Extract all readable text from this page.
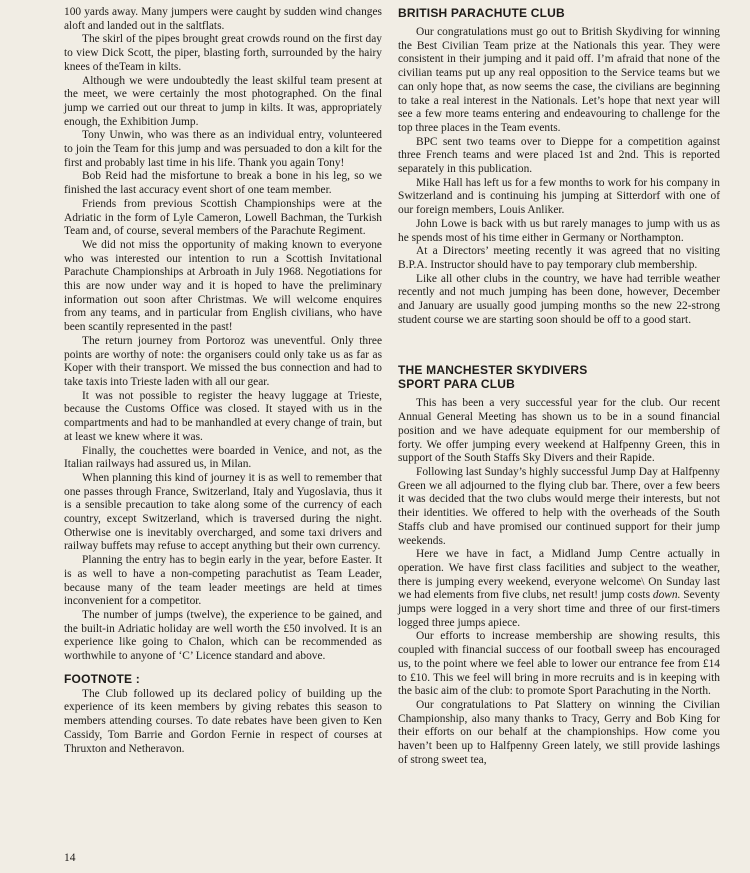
100 yards away. Many jumpers were caught by sudden wind changes aloft and landed out in the saltflats.

The skirl of the pipes brought great crowds round on the first day to view Dick Scott, the piper, blasting forth, surrounded by the hairy knees of theTeam in kilts.

Although we were undoubtedly the least skilful team present at the meet, we were certainly the most photographed. On the final jump we carried out our threat to jump in kilts. It was, appropriately enough, the Exhibition Jump.

Tony Unwin, who was there as an individual entry, volunteered to join the Team for this jump and was persuaded to don a kilt for the first and probably last time in his life. Thank you again Tony!

Bob Reid had the misfortune to break a bone in his leg, so we finished the last accuracy event short of one team member.

Friends from previous Scottish Championships were at the Adriatic in the form of Lyle Cameron, Lowell Bachman, the Turkish Team and, of course, several members of the Parachute Regiment.

We did not miss the opportunity of making known to everyone who was interested our intention to run a Scottish Invitational Parachute Championships at Arbroath in July 1968. Negotiations for this are now under way and it is hoped to have the preliminary information out soon after Christmas. We will welcome enquires from any teams, and in particular from English civilians, who have been scantily represented in the past!

The return journey from Portoroz was uneventful. Only three points are worthy of note: the organisers could only take us as far as Koper with their transport. We missed the bus connection and had to take taxis into Trieste laden with all our gear.

It was not possible to register the heavy luggage at Trieste, because the Customs Office was closed. It stayed with us in the compartments and had to be manhandled at every change of train, but at least we knew where it was.

Finally, the couchettes were boarded in Venice, and not, as the Italian railways had assured us, in Milan.

When planning this kind of journey it is as well to remember that one passes through France, Switzerland, Italy and Yugoslavia, thus it is a sensible precaution to take along some of the currency of each country, except Switzerland, which is traversed during the night. Otherwise one is inevitably overcharged, and some taxi drivers and railway buffets may refuse to accept anything but their own currency.

Planning the entry has to begin early in the year, before Easter. It is as well to have a non-competing parachutist as Team Leader, because many of the team leader meetings are held at times inconvenient for a competitor.

The number of jumps (twelve), the experience to be gained, and the built-in Adriatic holiday are well worth the £50 involved. It is an experience like going to Chalon, which can be recommended as worthwhile to anyone of ‘C’ Licence standard and above.

FOOTNOTE :

The Club followed up its declared policy of building up the experience of its keen members by giving rebates this season to members attending courses. To date rebates have been given to Ken Cassidy, Tom Barrie and Gordon Fernie in respect of courses at Thruxton and Netheravon.

BRITISH PARACHUTE CLUB

Our congratulations must go out to British Skydiving for winning the Best Civilian Team prize at the Nationals this year. They were consistent in their jumping and it paid off. I’m afraid that none of the civilian teams put up any real opposition to the Service teams but we can only hope that, as now seems the case, the civilians are beginning to take a real interest in the Nationals. Let’s hope that next year will see a few more teams entering and endeavouring to challenge for the top three places in the Team events.

BPC sent two teams over to Dieppe for a competition against three French teams and were placed 1st and 2nd. This is reported separately in this publication.

Mike Hall has left us for a few months to work for his company in Switzerland and is continuing his jumping at Sitterdorf with one of our foreign members, Louis Anliker.

John Lowe is back with us but rarely manages to jump with us as he spends most of his time either in Germany or Northampton.

At a Directors’ meeting recently it was agreed that no visiting B.P.A. Instructor should have to pay temporary club membership.

Like all other clubs in the country, we have had terrible weather recently and not much jumping has been done, however, December and January are usually good jumping months so the new 22-strong student course we are starting soon should be off to a good start.

THE MANCHESTER SKYDIVERS
SPORT PARA CLUB

This has been a very successful year for the club. Our recent Annual General Meeting has shown us to be in a sound financial position and we have adequate equipment for our membership of forty. We offer jumping every weekend at Halfpenny Green, this in support of the South Staffs Sky Divers and their Rapide.

Following last Sunday’s highly successful Jump Day at Halfpenny Green we all adjourned to the flying club bar. There, over a few beers it was decided that the two clubs would merge their interests, but not their identities. We offered to help with the overheads of the South Staffs club and have promised our continued support for their jump weekends.

Here we have in fact, a Midland Jump Centre actually in operation. We have first class facilities and subject to the weather, there is jumping every weekend, everyone welcome\ On Sunday last we had elements from five clubs, net result! jump costs down. Seventy jumps were logged in a very short time and three of our first-timers logged three jumps apiece.

Our efforts to increase membership are showing results, this coupled with financial success of our football sweep has encouraged us, to the point where we feel able to lower our entrance fee from £14 to £10. This we feel will bring in more recruits and is in keeping with the basic aim of the club: to promote Sport Parachuting in the North.

Our congratulations to Pat Slattery on winning the Civilian Championship, also many thanks to Tracy, Gerry and Bob King for their efforts on our behalf at the championships. How come you haven’t been up to Halfpenny Green lately, we still provide lashings of strong sweet tea,

14
